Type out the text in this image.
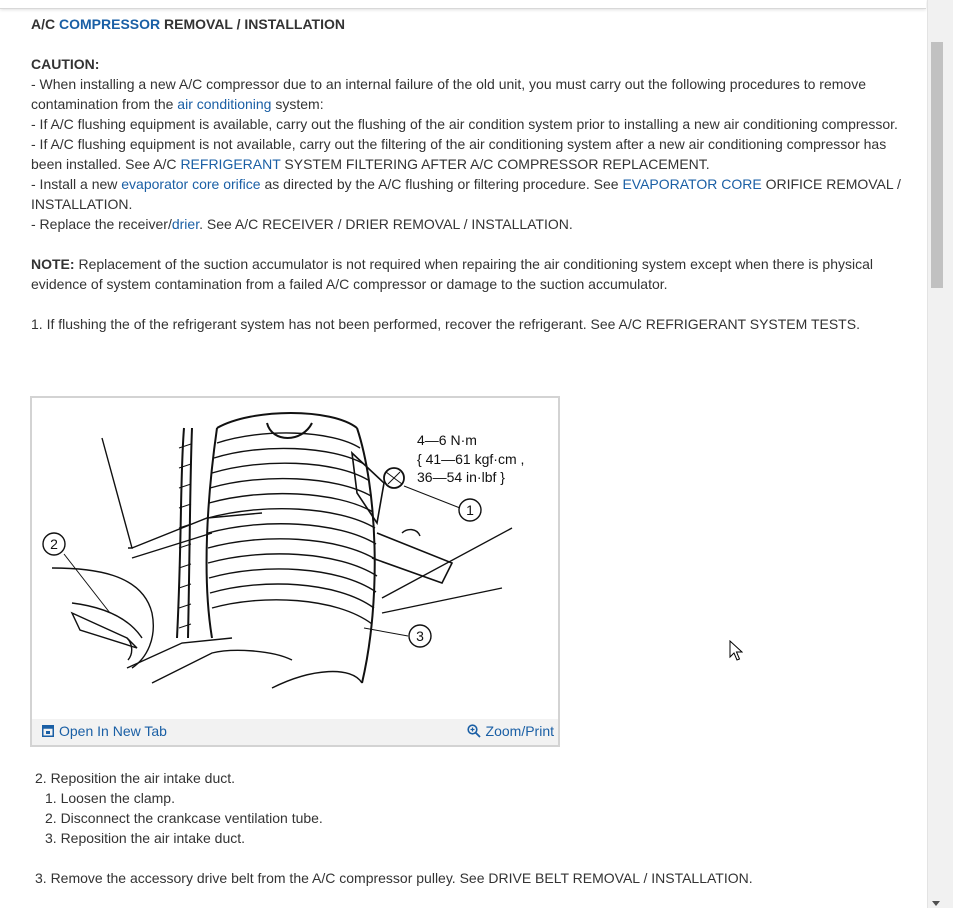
A/C COMPRESSOR REMOVAL / INSTALLATION

CAUTION:

- When installing a new A/C compressor due to an internal failure of the old unit, you must carry out the following procedures to remove contamination from the air conditioning system:

- If A/C flushing equipment is available, carry out the flushing of the air condition system prior to installing a new air conditioning compressor.

- If A/C flushing equipment is not available, carry out the filtering of the air conditioning system after a new air conditioning compressor has been installed. See A/C REFRIGERANT SYSTEM FILTERING AFTER A/C COMPRESSOR REPLACEMENT.

- Install a new evaporator core orifice as directed by the A/C flushing or filtering procedure. See EVAPORATOR CORE ORIFICE REMOVAL / INSTALLATION.

- Replace the receiver/drier. See A/C RECEIVER / DRIER REMOVAL / INSTALLATION.

NOTE: Replacement of the suction accumulator is not required when repairing the air conditioning system except when there is physical evidence of system contamination from a failed A/C compressor or damage to the suction accumulator.

1. If flushing the of the refrigerant system has not been performed, recover the refrigerant. See A/C REFRIGERANT SYSTEM TESTS.

1
2
3
4—6 N·m
{ 41—61 kgf·cm ,
36—54 in·lbf }
Open In New Tab	Zoom/Print

2. Reposition the air intake duct.

1. Loosen the clamp.

2. Disconnect the crankcase ventilation tube.

3. Reposition the air intake duct.

3. Remove the accessory drive belt from the A/C compressor pulley. See DRIVE BELT REMOVAL / INSTALLATION.
